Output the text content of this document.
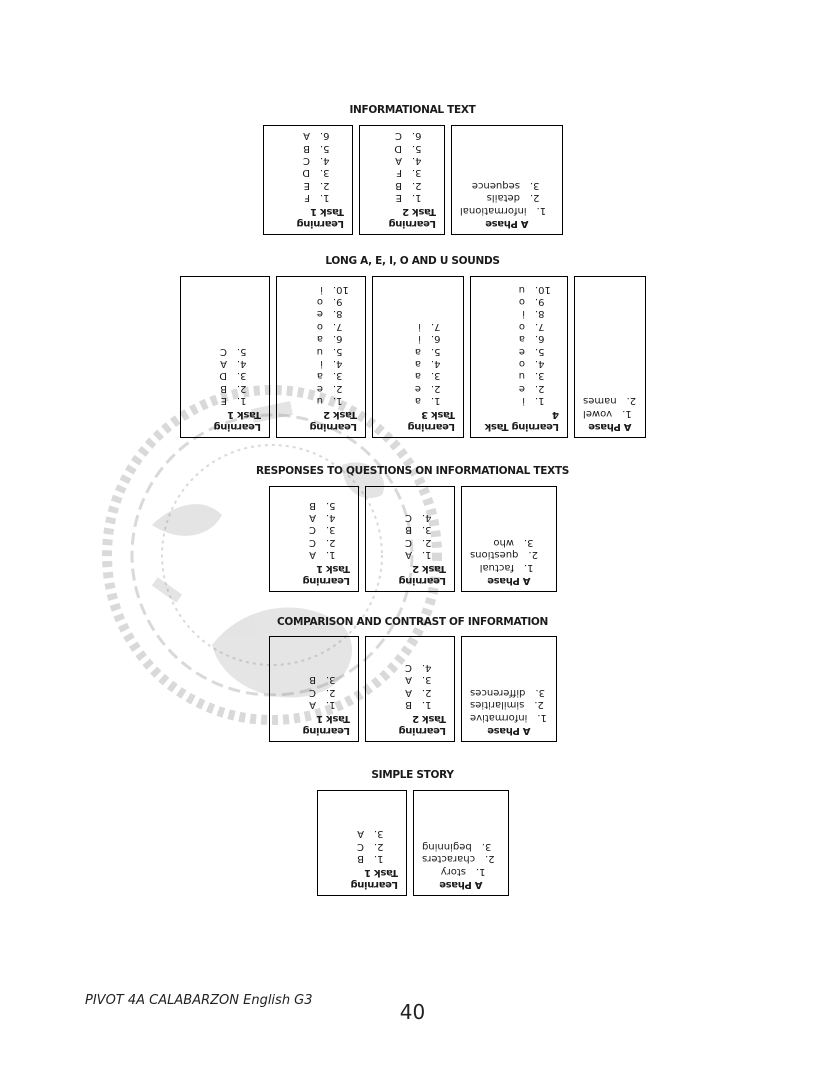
INFORMATIONAL TEXT
Learning Task 1
1.
F
2.
E
3.
D
4.
C
5.
B
6.
A
Learning Task 2
1.
E
2.
B
3.
F
4.
A
5.
D
6.
C
A Phase
1.
informational
2.
details
3.
sequence
LONG A, E, I, O AND U SOUNDS
Learning Task 1
1.
E
2.
B
3.
D
4.
A
5.
C
Learning Task 2
1.
u
2.
e
3.
a
4.
i
5.
u
6.
a
7.
o
8.
e
9.
o
10.
i
Learning Task 3
1.
a
2.
e
3.
a
4.
a
5.
a
6.
i
7.
i
Learning Task 4
1.
i
2.
e
3.
u
4.
o
5.
e
6.
a
7.
o
8.
i
9.
o
10.
u
A Phase
1.
vowel
2.
names
RESPONSES TO QUESTIONS ON INFORMATIONAL TEXTS
Learning Task 1
1.
A
2.
C
3.
C
4.
A
5.
B
Learning Task 2
1.
A
2.
C
3.
B
4.
C
A Phase
1.
factual
2.
questions
3.
who
COMPARISON AND CONTRAST OF INFORMATION
Learning Task 1
1.
A
2.
C
3.
B
Learning Task 2
1.
B
2.
A
3.
A
4.
C
A Phase
1.
informative
2.
similarities
3.
differences
SIMPLE STORY
Learning Task 1
1.
B
2.
C
3.
A
A Phase
1.
story
2.
characters
3.
beginning
PIVOT 4A CALABARZON English G3	40
